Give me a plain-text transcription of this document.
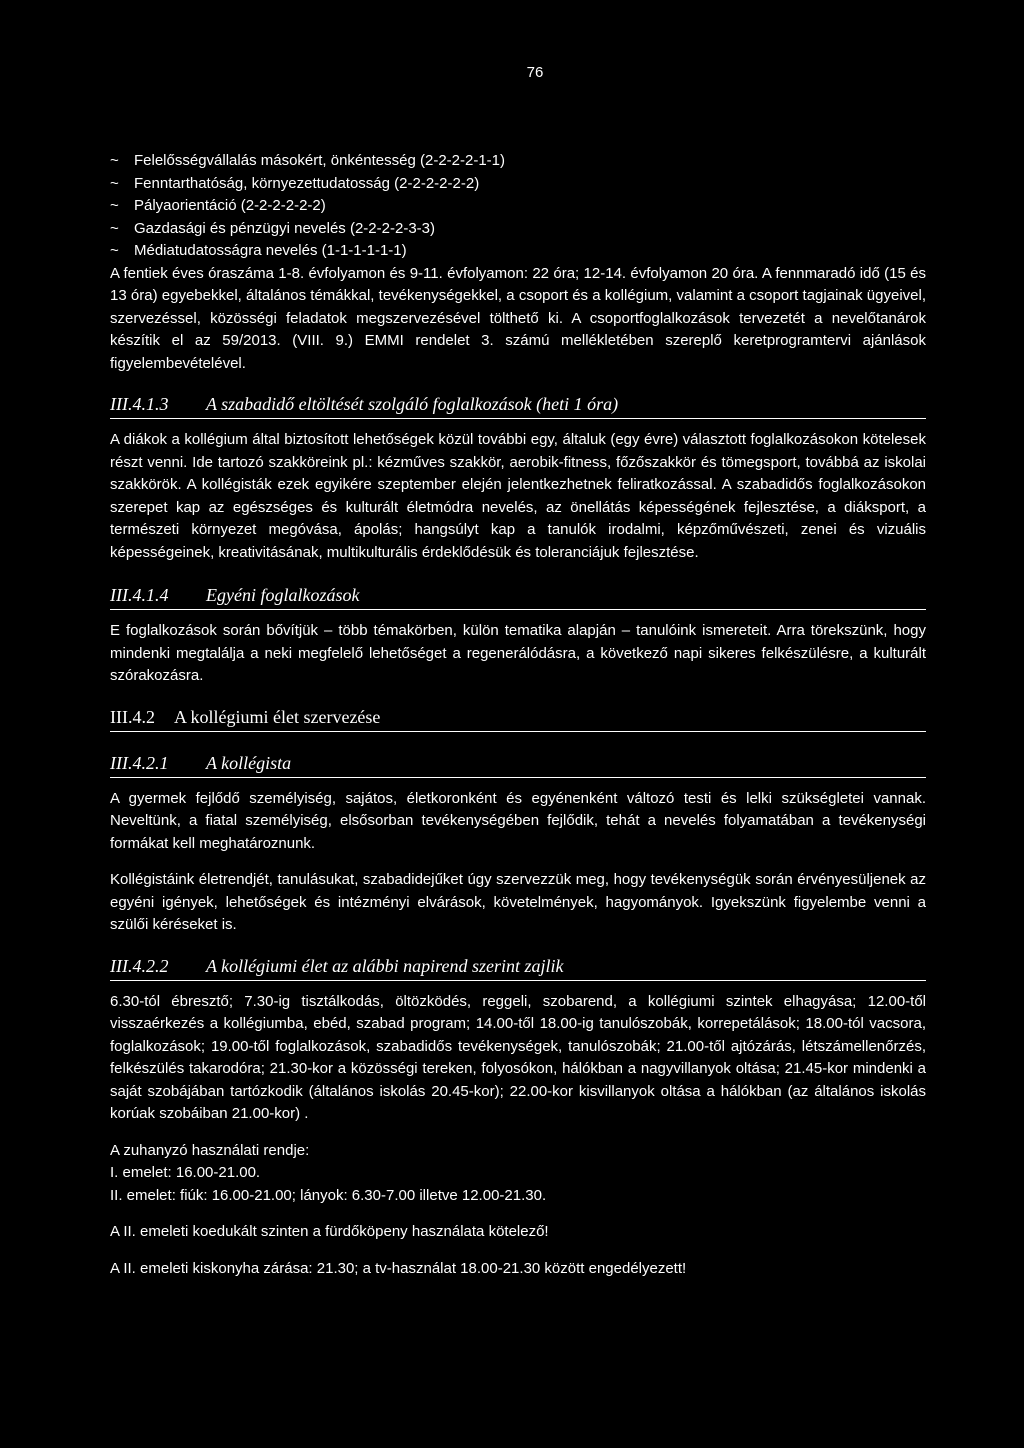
76
~ Felelősségvállalás másokért, önkéntesség (2-2-2-2-1-1)
~ Fenntarthatóság, környezettudatosság (2-2-2-2-2-2)
~ Pályaorientáció (2-2-2-2-2-2)
~ Gazdasági és pénzügyi nevelés (2-2-2-2-3-3)
~ Médiatudatosságra nevelés (1-1-1-1-1-1)

A fentiek éves óraszáma 1-8. évfolyamon és 9-11. évfolyamon: 22 óra; 12-14. évfolyamon 20 óra. A fennmaradó idő (15 és 13 óra) egyebekkel, általános témákkal, tevékenységekkel, a csoport és a kollégium, valamint a csoport tagjainak ügyeivel, szervezéssel, közösségi feladatok megszervezésével tölthető ki. A csoportfoglalkozások tervezetét a nevelőtanárok készítik el az 59/2013. (VIII. 9.) EMMI rendelet 3. számú mellékletében szereplő keretprogramtervi ajánlások figyelembevételével.

III.4.1.3	A szabadidő eltöltését szolgáló foglalkozások (heti 1 óra)

A diákok a kollégium által biztosított lehetőségek közül további egy, általuk (egy évre) választott foglalkozásokon kötelesek részt venni. Ide tartozó szakköreink pl.: kézműves szakkör, aerobik-fitness, főzőszakkör és tömegsport, továbbá az iskolai szakkörök. A kollégisták ezek egyikére szeptember elején jelentkezhetnek feliratkozással. A szabadidős foglalkozásokon szerepet kap az egészséges és kulturált életmódra nevelés, az önellátás képességének fejlesztése, a diáksport, a természeti környezet megóvása, ápolás; hangsúlyt kap a tanulók irodalmi, képzőművészeti, zenei és vizuális képességeinek, kreativitásának, multikulturális érdeklődésük és toleranciájuk fejlesztése.

III.4.1.4	Egyéni foglalkozások

E foglalkozások során bővítjük – több témakörben, külön tematika alapján – tanulóink ismereteit. Arra törekszünk, hogy mindenki megtalálja a neki megfelelő lehetőséget a regenerálódásra, a következő napi sikeres felkészülésre, a kulturált szórakozásra.

III.4.2	A kollégiumi élet szervezése
III.4.2.1	A kollégista

A gyermek fejlődő személyiség, sajátos, életkoronként és egyénenként változó testi és lelki szükségletei vannak. Neveltünk, a fiatal személyiség, elsősorban tevékenységében fejlődik, tehát a nevelés folyamatában a tevékenységi formákat kell meghatároznunk.

Kollégistáink életrendjét, tanulásukat, szabadidejűket úgy szervezzük meg, hogy tevékenységük során érvényesüljenek az egyéni igények, lehetőségek és intézményi elvárások, követelmények, hagyományok. Igyekszünk figyelembe venni a szülői kéréseket is.

III.4.2.2	A kollégiumi élet az alábbi napirend szerint zajlik

6.30-tól ébresztő; 7.30-ig tisztálkodás, öltözködés, reggeli, szobarend, a kollégiumi szintek elhagyása; 12.00-től visszaérkezés a kollégiumba, ebéd, szabad program; 14.00-től 18.00-ig tanulószobák, korrepetálások; 18.00-tól vacsora, foglalkozások; 19.00-től foglalkozások, szabadidős tevékenységek, tanulószobák; 21.00-től ajtózárás, létszámellenőrzés, felkészülés takarodóra; 21.30-kor a közösségi tereken, folyosókon, hálókban a nagyvillanyok oltása; 21.45-kor mindenki a saját szobájában tartózkodik (általános iskolás 20.45-kor); 22.00-kor kisvillanyok oltása a hálókban (az általános iskolás korúak szobáiban 21.00-kor) .

A zuhanyzó használati rendje:

I. emelet: 16.00-21.00.

II. emelet: fiúk: 16.00-21.00; lányok: 6.30-7.00 illetve 12.00-21.30.

A II. emeleti koedukált szinten a fürdőköpeny használata kötelező!

A II. emeleti kiskonyha zárása: 21.30; a tv-használat 18.00-21.30 között engedélyezett!
